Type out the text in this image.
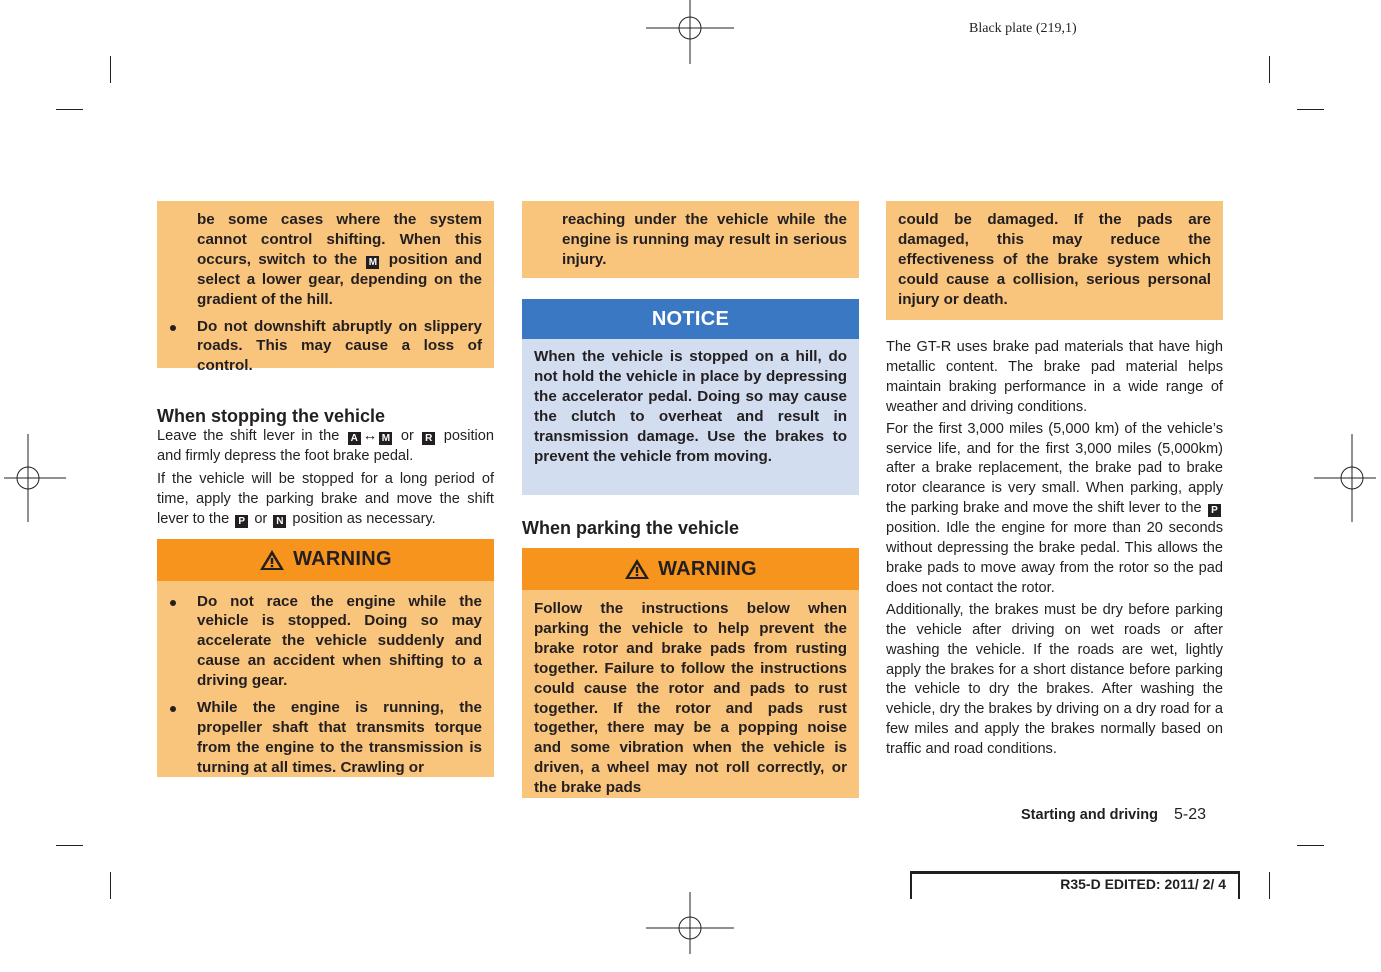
Black plate (219,1)
be some cases where the system cannot control shifting. When this occurs, switch to the M position and select a lower gear, depending on the gradient of the hill.
Do not downshift abruptly on slippery roads. This may cause a loss of control.
When stopping the vehicle
Leave the shift lever in the A ↔ M or R position and firmly depress the foot brake pedal.
If the vehicle will be stopped for a long period of time, apply the parking brake and move the shift lever to the P or N position as necessary.
WARNING
Do not race the engine while the vehicle is stopped. Doing so may accelerate the vehicle suddenly and cause an accident when shifting to a driving gear.
While the engine is running, the propeller shaft that transmits torque from the engine to the transmission is turning at all times. Crawling or
reaching under the vehicle while the engine is running may result in serious injury.
NOTICE
When the vehicle is stopped on a hill, do not hold the vehicle in place by depressing the accelerator pedal. Doing so may cause the clutch to overheat and result in transmission damage. Use the brakes to prevent the vehicle from moving.
When parking the vehicle
WARNING
Follow the instructions below when parking the vehicle to help prevent the brake rotor and brake pads from rusting together. Failure to follow the instructions could cause the rotor and pads to rust together. If the rotor and pads rust together, there may be a popping noise and some vibration when the vehicle is driven, a wheel may not roll correctly, or the brake pads
could be damaged. If the pads are damaged, this may reduce the effectiveness of the brake system which could cause a collision, serious personal injury or death.
The GT-R uses brake pad materials that have high metallic content. The brake pad material helps maintain braking performance in a wide range of weather and driving conditions.
For the first 3,000 miles (5,000 km) of the vehicle’s service life, and for the first 3,000 miles (5,000km) after a brake replacement, the brake pad to brake rotor clearance is very small. When parking, apply the parking brake and move the shift lever to the P position. Idle the engine for more than 20 seconds without depressing the brake pedal. This allows the brake pads to move away from the rotor so the pad does not contact the rotor.
Additionally, the brakes must be dry before parking the vehicle after driving on wet roads or after washing the vehicle. If the roads are wet, lightly apply the brakes for a short distance before parking the vehicle to dry the brakes. After washing the vehicle, dry the brakes by driving on a dry road for a few miles and apply the brakes normally based on traffic and road conditions.
Starting and driving 5-23
R35-D EDITED: 2011/ 2/ 4
